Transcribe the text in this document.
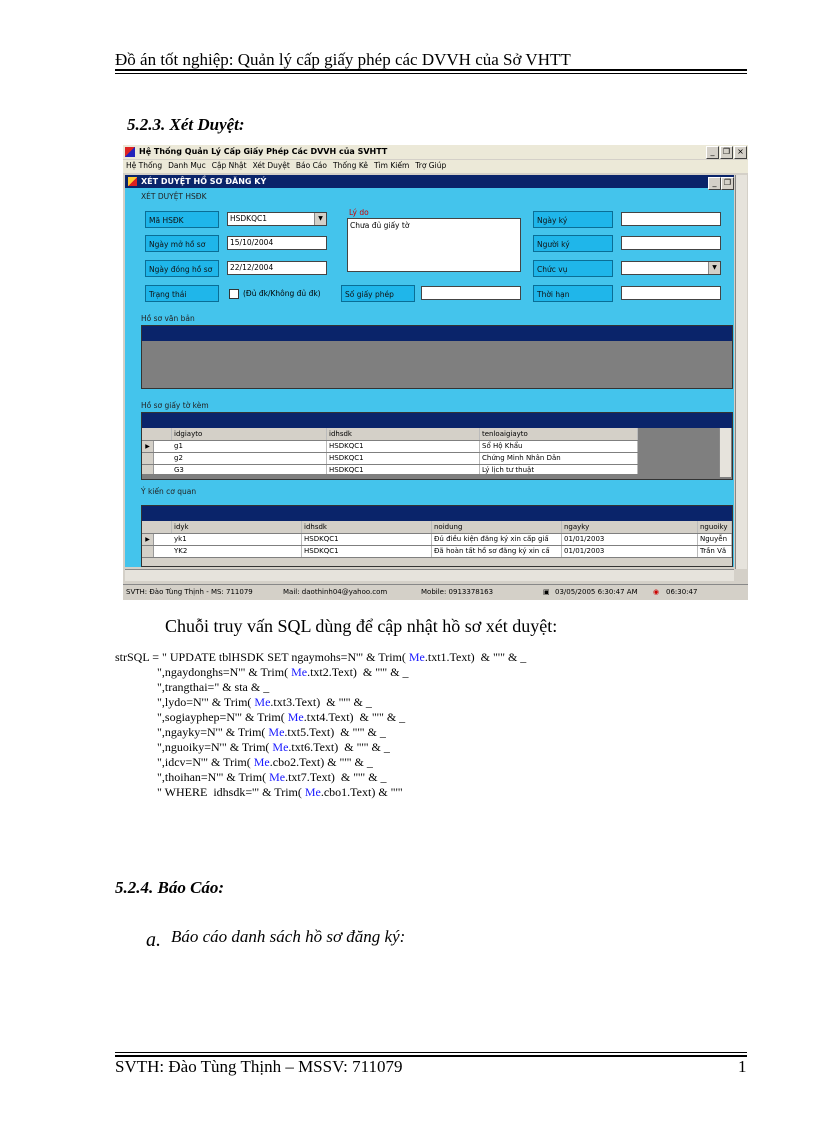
Đồ án tốt nghiệp: Quản lý cấp giấy phép các DVVH của Sở VHTT
5.2.3. Xét Duyệt:
Hệ Thống Quản Lý Cấp Giấy Phép Các DVVH của SVHTT	_	❐ ×
Hệ Thống Danh Mục Cập Nhật Xét Duyệt Báo Cáo Thống Kê Tìm Kiếm Trợ Giúp
XÉT DUYỆT HỒ SƠ ĐĂNG KÝ	_ ❐
XÉT DUYỆT HSĐK
Mã HSĐK	HSDKQC1	▼
Ngày mở hồ sơ	15/10/2004
Ngày đóng hồ sơ	22/12/2004
Trạng thái	(Đủ đk/Không đủ đk)
Lý do
Chưa đủ giấy tờ
Số giấy phép
Ngày ký
Người ký
Chức vụ	▼
Thời hạn
Hồ sơ văn bản
Hồ sơ giấy tờ kèm
idgiayto	idhsdk	tenloaigiayto
▶	g1	HSDKQC1	Sổ Hộ Khẩu
g2	HSDKQC1	Chứng Minh Nhân Dân
G3	HSDKQC1	Lý lịch tư thuật
Ý kiến cơ quan
idyk	idhsdk	noidung	ngayky	nguoiky
▶	yk1	HSDKQC1	Đủ điều kiện đăng ký xin cấp giấ	01/01/2003	Nguyễn
YK2	HSDKQC1	Đã hoàn tất hồ sơ đăng ký xin cấ	01/01/2003	Trần Vă
SVTH: Đào Tùng Thịnh - MS: 711079	Mail: daothinh04@yahoo.com	Mobile: 0913378163	▣ 03/05/2005 6:30:47 AM ◉ 06:30:47
Chuỗi truy vấn SQL dùng để cập nhật hồ sơ xét duyệt:
strSQL = " UPDATE tblHSDK SET ngaymohs=N'" & Trim( Me.txt1.Text)  & "'" & _
",ngaydonghs=N'" & Trim( Me.txt2.Text)  & "'" & _
",trangthai=" & sta & _
",lydo=N'" & Trim( Me.txt3.Text)  & "'" & _
",sogiayphep=N'" & Trim( Me.txt4.Text)  & "'" & _
",ngayky=N'" & Trim( Me.txt5.Text)  & "'" & _
",nguoiky=N'" & Trim( Me.txt6.Text)  & "'" & _
",idcv=N'" & Trim( Me.cbo2.Text) & "'" & _
",thoihan=N'" & Trim( Me.txt7.Text)  & "'" & _
" WHERE  idhsdk='" & Trim( Me.cbo1.Text) & "'"
5.2.4. Báo Cáo:
a. Báo cáo danh sách hồ sơ đăng ký:
SVTH: Đào Tùng Thịnh – MSSV: 711079	1
